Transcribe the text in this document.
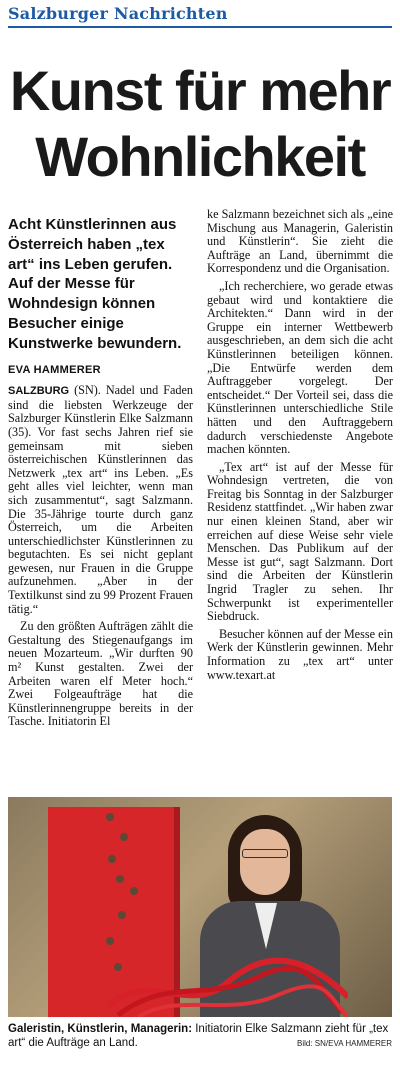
Salzburger Nachrichten
Kunst für mehr
Wohnlichkeit

Acht Künstlerinnen aus Österreich haben „tex art“ ins Leben gerufen. Auf der Messe für Wohndesign können Besucher einige Kunstwerke bewundern.

EVA HAMMERER

SALZBURG (SN). Nadel und Faden sind die liebsten Werkzeuge der Salzburger Künstlerin Elke Salzmann (35). Vor fast sechs Jahren rief sie gemeinsam mit sieben österreichischen Künstlerinnen das Netzwerk „tex art“ ins Leben. „Es geht alles viel leichter, wenn man sich zusammentut“, sagt Salzmann. Die 35-Jährige tourte durch ganz Österreich, um die Arbeiten unterschiedlichster Künstlerinnen zu begutachten. Es sei nicht geplant gewesen, nur Frauen in die Gruppe aufzunehmen. „Aber in der Textilkunst sind zu 99 Prozent Frauen tätig.“

Zu den größten Aufträgen zählt die Gestaltung des Stiegenaufgangs im neuen Mozarteum. „Wir durften 90 m² Kunst gestalten. Zwei der Arbeiten waren elf Meter hoch.“ Zwei Folgeaufträge hat die Künstlerinnengruppe bereits in der Tasche. Initiatorin El

ke Salzmann bezeichnet sich als „eine Mischung aus Managerin, Galeristin und Künstlerin“. Sie zieht die Aufträge an Land, übernimmt die Korrespondenz und die Organisation.

„Ich recherchiere, wo gerade etwas gebaut wird und kontaktiere die Architekten.“ Dann wird in der Gruppe ein interner Wettbewerb ausgeschrieben, an dem sich die acht Künstlerinnen beteiligen können. „Die Entwürfe werden dem Auftraggeber vorgelegt. Der entscheidet.“ Der Vorteil sei, dass die Künstlerinnen unterschiedliche Stile hätten und den Auftraggebern dadurch verschiedenste Angebote machen könnten.

„Tex art“ ist auf der Messe für Wohndesign vertreten, die von Freitag bis Sonntag in der Salzburger Residenz stattfindet. „Wir haben zwar nur einen kleinen Stand, aber wir erreichen auf diese Weise sehr viele Menschen. Das Publikum auf der Messe ist gut“, sagt Salzmann. Dort sind die Arbeiten der Künstlerin Ingrid Tragler zu sehen. Ihr Schwerpunkt ist experimenteller Siebdruck.

Besucher können auf der Messe ein Werk der Künstlerin gewinnen. Mehr Information zu „tex art“ unter www.texart.at

Galeristin, Künstlerin, Managerin: Initiatorin Elke Salzmann zieht für „tex art“ die Aufträge an Land.	Bild: SN/EVA HAMMERER
